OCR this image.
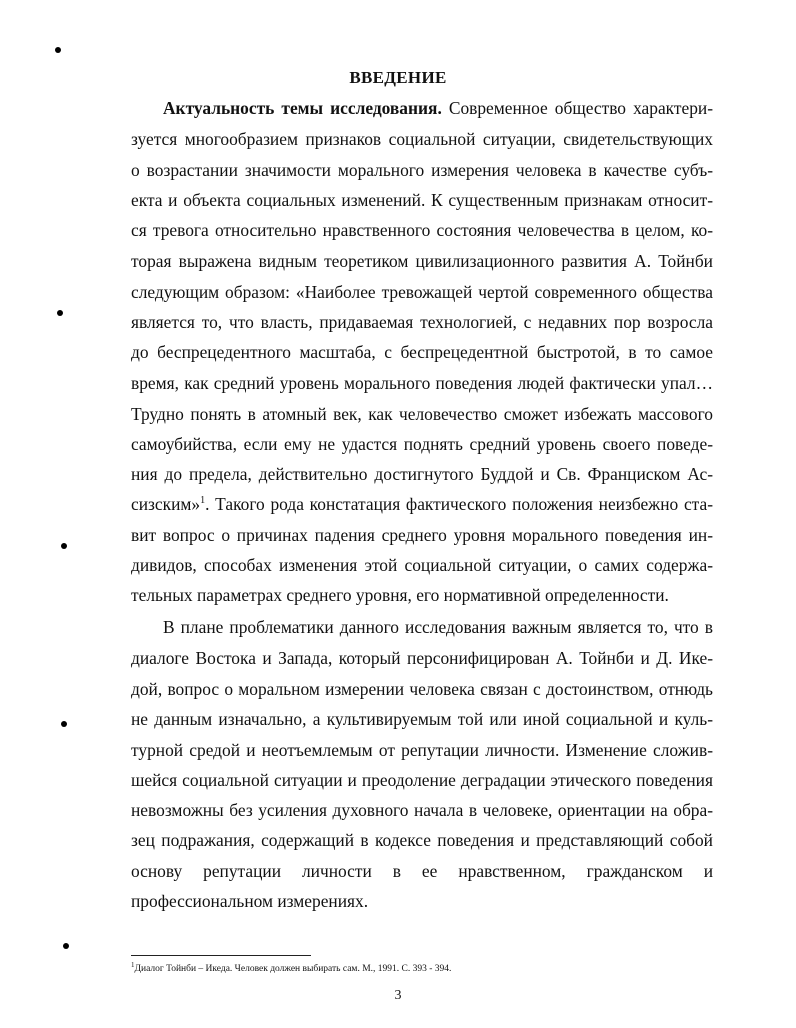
ВВЕДЕНИЕ
Актуальность темы исследования. Современное общество характери-
зуется многообразием признаков социальной ситуации, свидетельствующих
о возрастании значимости морального измерения человека в качестве субъ-
екта и объекта социальных изменений. К существенным признакам относит-
ся тревога относительно нравственного состояния человечества в целом, ко-
торая выражена видным теоретиком цивилизационного развития А. Тойнби
следующим образом: «Наиболее тревожащей чертой современного общества
является то, что власть, придаваемая технологией, с недавних пор возросла
до беспрецедентного масштаба, с беспрецедентной быстротой, в то самое
время, как средний уровень морального поведения людей фактически упал…
Трудно понять в атомный век, как человечество сможет избежать массового
самоубийства, если ему не удастся поднять средний уровень своего поведе-
ния до предела, действительно достигнутого Буддой и Св. Франциском Ас-
сизским»$^1$. Такого рода констатация фактического положения неизбежно ста-
вит вопрос о причинах падения среднего уровня морального поведения ин-
дивидов, способах изменения этой социальной ситуации, о самих содержа-
тельных параметрах среднего уровня, его нормативной определенности.
В плане проблематики данного исследования важным является то, что в
диалоге Востока и Запада, который персонифицирован А. Тойнби и Д. Ике-
дой, вопрос о моральном измерении человека связан с достоинством, отнюдь
не данным изначально, а культивируемым той или иной социальной и куль-
турной средой и неотъемлемым от репутации личности. Изменение сложив-
шейся социальной ситуации и преодоление деградации этического поведения
невозможны без усиления духовного начала в человеке, ориентации на обра-
зец подражания, содержащий в кодексе поведения и представляющий собой
основу репутации личности в ее нравственном, гражданском и
профессиональном измерениях.
$^1$Диалог Тойнби – Икеда. Человек должен выбирать сам. М., 1991. С. 393 - 394.
3
